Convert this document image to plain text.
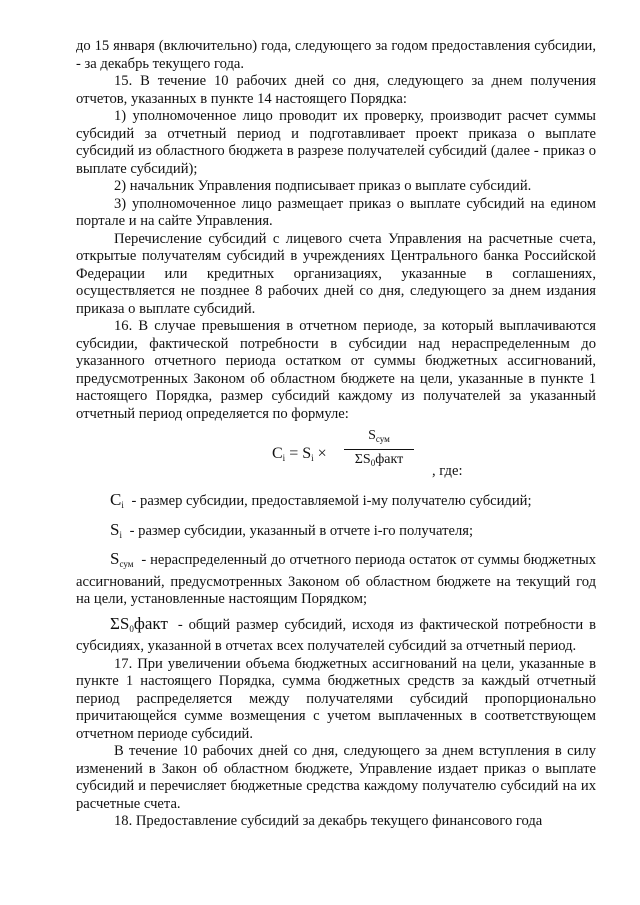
до 15 января (включительно) года, следующего за годом предоставления субсидии, - за декабрь текущего года.

15. В течение 10 рабочих дней со дня, следующего за днем получения отчетов, указанных в пункте 14 настоящего Порядка:

1) уполномоченное лицо проводит их проверку, производит расчет суммы субсидий за отчетный период и подготавливает проект приказа о выплате субсидий из областного бюджета в разрезе получателей субсидий (далее - приказ о выплате субсидий);

2) начальник Управления подписывает приказ о выплате субсидий.

3) уполномоченное лицо размещает приказ о выплате субсидий на едином портале и на сайте Управления.

Перечисление субсидий с лицевого счета Управления на расчетные счета, открытые получателям субсидий в учреждениях Центрального банка Российской Федерации или кредитных организациях, указанные в соглашениях, осуществляется не позднее 8 рабочих дней со дня, следующего за днем издания приказа о выплате субсидий.

16. В случае превышения в отчетном периоде, за который выплачиваются субсидии, фактической потребности в субсидии над нераспределенным до указанного отчетного периода остатком от суммы бюджетных ассигнований, предусмотренных Законом об областном бюджете на цели, указанные в пункте 1 настоящего Порядка, размер субсидий каждому из получателей за указанный отчетный период определяется по формуле:

$C_i = S_i$ ×
$S_{сум}$
$\Sigma S_0факт$
, где:

$C_i$ - размер субсидии, предоставляемой i-му получателю субсидий;

$S_i$ - размер субсидии, указанный в отчете i-го получателя;

$S_{сум}$ - нераспределенный до отчетного периода остаток от суммы бюджетных ассигнований, предусмотренных Законом об областном бюджете на текущий год на цели, установленные настоящим Порядком;

$\Sigma S_0факт$ - общий размер субсидий, исходя из фактической потребности в субсидиях, указанной в отчетах всех получателей субсидий за отчетный период.

17. При увеличении объема бюджетных ассигнований на цели, указанные в пункте 1 настоящего Порядка, сумма бюджетных средств за каждый отчетный период распределяется между получателями субсидий пропорционально причитающейся сумме возмещения с учетом выплаченных в соответствующем отчетном периоде субсидий.

В течение 10 рабочих дней со дня, следующего за днем вступления в силу изменений в Закон об областном бюджете, Управление издает приказ о выплате субсидий и перечисляет бюджетные средства каждому получателю субсидий на их расчетные счета.

18. Предоставление субсидий за декабрь текущего финансового года
